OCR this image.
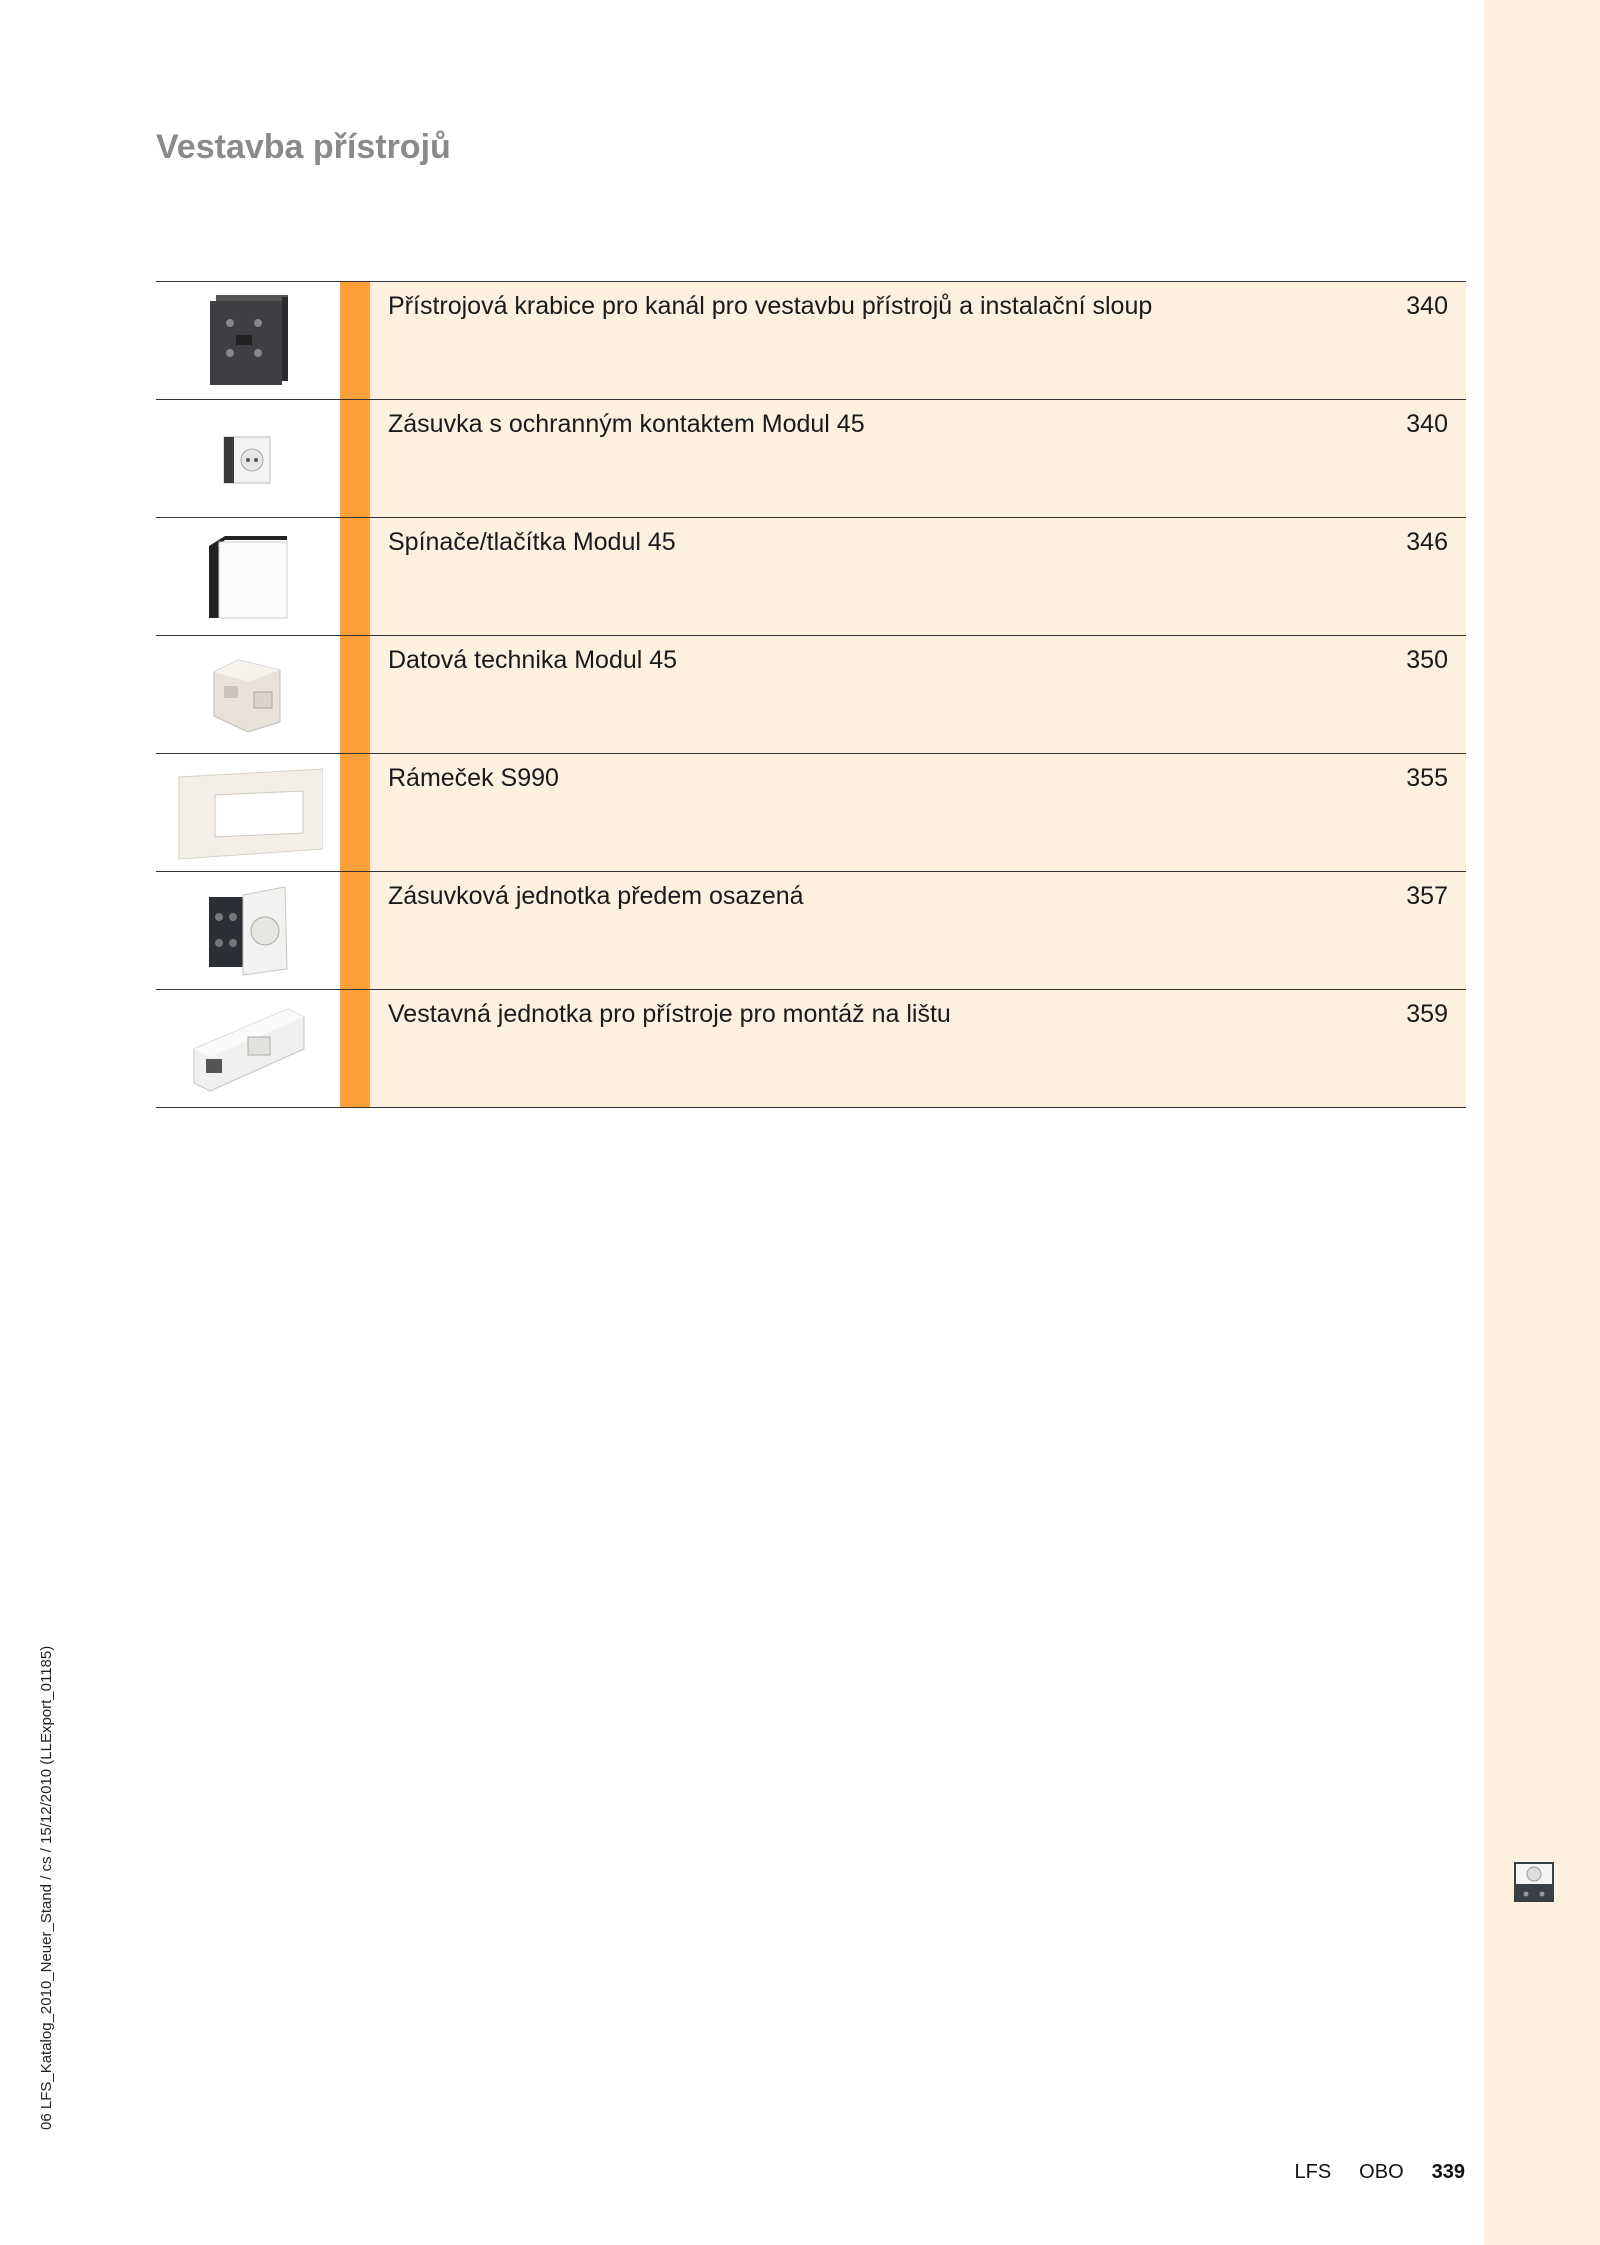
Vestavba přístrojů
Přístrojová krabice pro kanál pro vestavbu přístrojů a instalační sloup	340
Zásuvka s ochranným kontaktem Modul 45	340
Spínače/tlačítka Modul 45	346
Datová technika Modul 45	350
Rámeček S990	355
Zásuvková jednotka předem osazená	357
Vestavná jednotka pro přístroje pro montáž na lištu	359
06 LFS_Katalog_2010_Neuer_Stand / cs / 15/12/2010 (LLExport_01185)
LFS OBO 339
